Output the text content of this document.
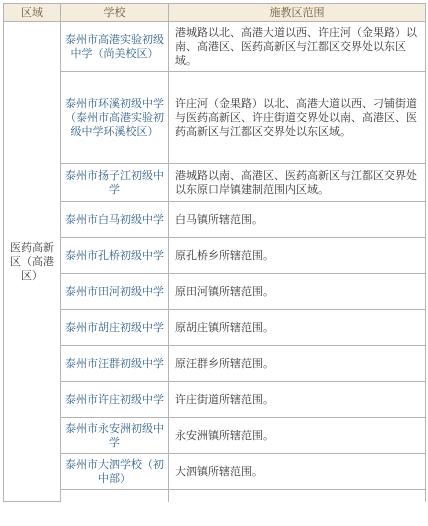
区域	学校	施教区范围
医药高新区（高港区）	泰州市高港实验初级中学（尚美校区）	港城路以北、高港大道以西、许庄河（金果路）以南、高港区、医药高新区与江都区交界处以东区域。
	泰州市环溪初级中学（泰州市高港实验初级中学环溪校区）	许庄河（金果路）以北、高港大道以西、刁铺街道与医药高新区、许庄街道交界处以南、高港区、医药高新区与江都区交界处以东区域。
	泰州市扬子江初级中学	港城路以南、高港区、医药高新区与江都区交界处以东原口岸镇建制范围内区域。
	泰州市白马初级中学	白马镇所辖范围。
	泰州市孔桥初级中学	原孔桥乡所辖范围。
	泰州市田河初级中学	原田河镇所辖范围。
	泰州市胡庄初级中学	原胡庄镇所辖范围。
	泰州市汪群初级中学	原汪群乡所辖范围。
	泰州市许庄初级中学	许庄街道所辖范围。
	泰州市永安洲初级中学	永安洲镇所辖范围。
	泰州市大泗学校（初中部）	大泗镇所辖范围。
